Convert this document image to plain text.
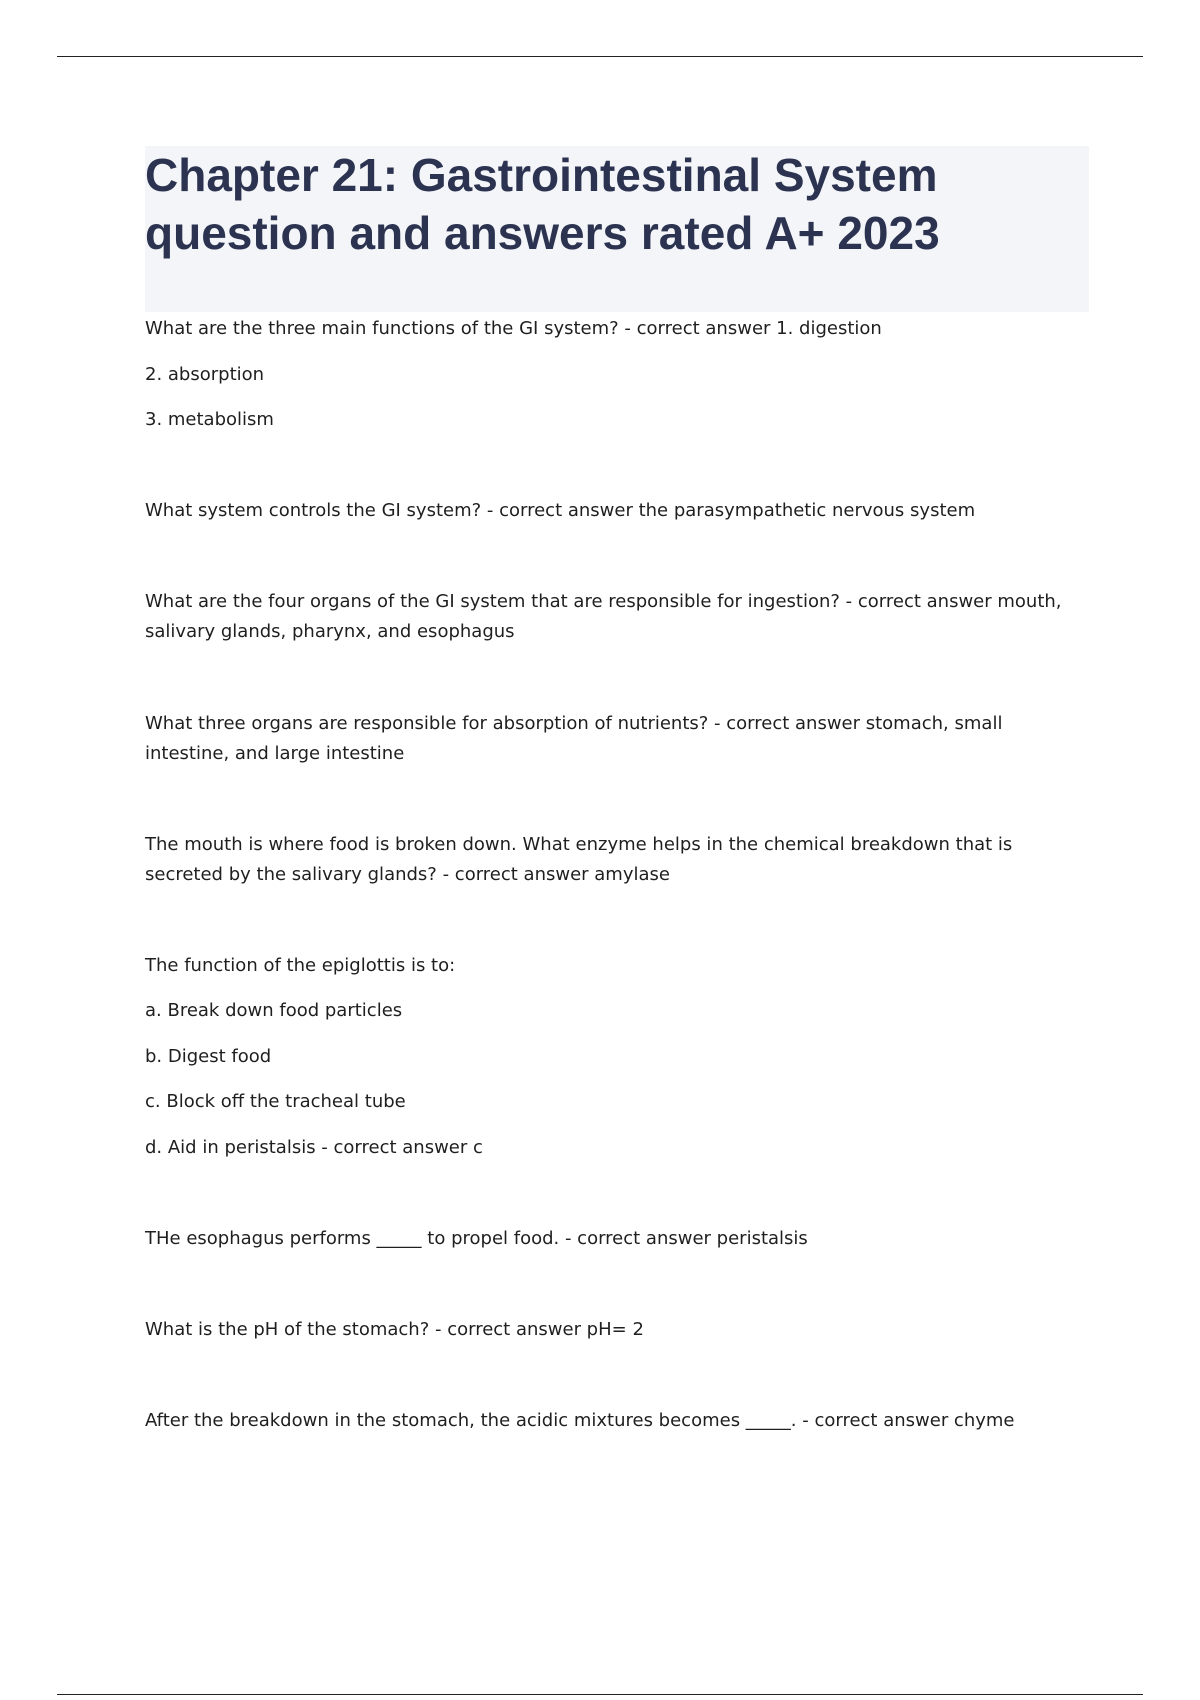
Chapter 21: Gastrointestinal System
question and answers rated A+ 2023

What are the three main functions of the GI system? - correct answer 1. digestion

2. absorption

3. metabolism

What system controls the GI system? - correct answer the parasympathetic nervous system

What are the four organs of the GI system that are responsible for ingestion? - correct answer mouth, salivary glands, pharynx, and esophagus

What three organs are responsible for absorption of nutrients? - correct answer stomach, small intestine, and large intestine

The mouth is where food is broken down. What enzyme helps in the chemical breakdown that is secreted by the salivary glands? - correct answer amylase

The function of the epiglottis is to:

a. Break down food particles

b. Digest food

c. Block off the tracheal tube

d. Aid in peristalsis - correct answer c

THe esophagus performs _____ to propel food. - correct answer peristalsis

What is the pH of the stomach? - correct answer pH= 2

After the breakdown in the stomach, the acidic mixtures becomes _____. - correct answer chyme
